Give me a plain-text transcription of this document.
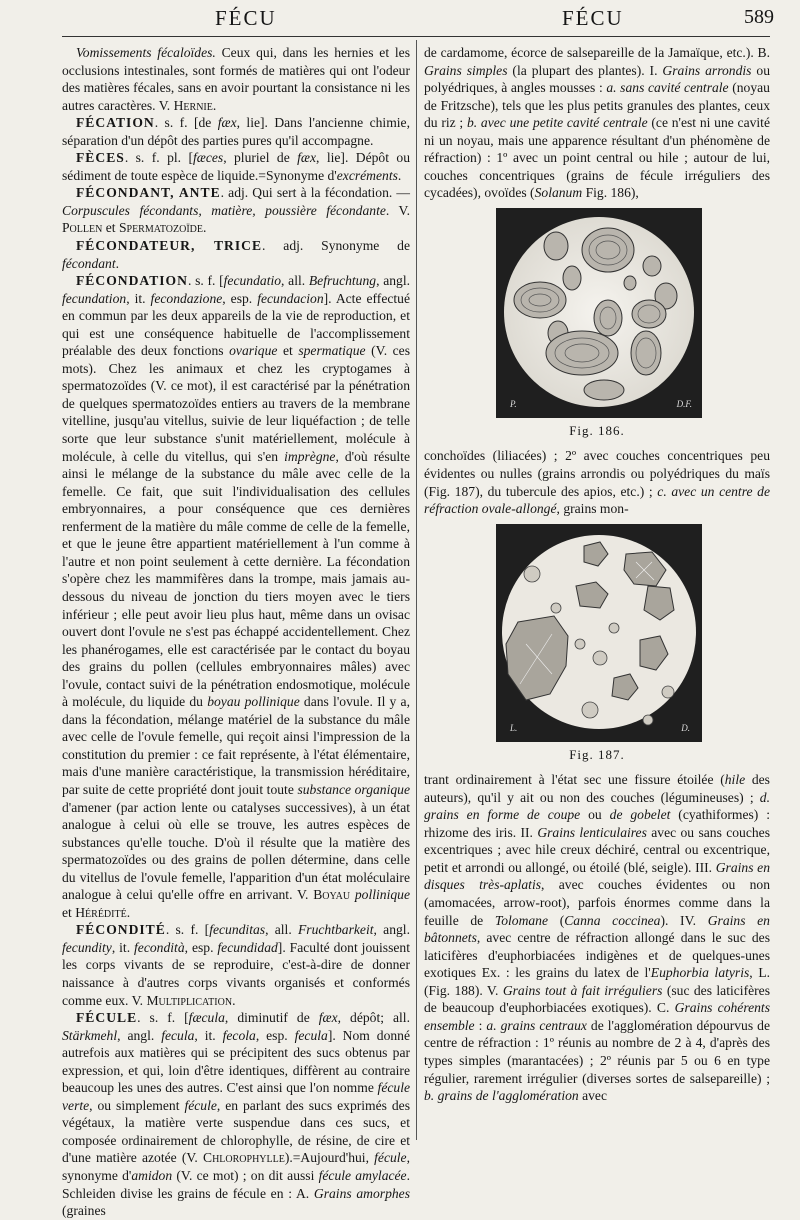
FÉCU	FÉCU	589

Vomissements fécaloïdes. Ceux qui, dans les hernies et les occlusions intestinales, sont formés de matières qui ont l'odeur des matières fécales, sans en avoir pourtant la consistance ni les autres caractères. V. Hernie.

FÉCATION. s. f. [de fæx, lie]. Dans l'ancienne chimie, séparation d'un dépôt des parties pures qu'il accompagne.

FÈCES. s. f. pl. [fæces, pluriel de fæx, lie]. Dépôt ou sédiment de toute espèce de liquide.=Synonyme d'excréments.

FÉCONDANT, ANTE. adj. Qui sert à la fécondation. — Corpuscules fécondants, matière, poussière fécondante. V. Pollen et Spermatozoïde.

FÉCONDATEUR, TRICE. adj. Synonyme de fécondant.

FÉCONDATION. s. f. [fecundatio, all. Befruchtung, angl. fecundation, it. fecondazione, esp. fecundacion]. Acte effectué en commun par les deux appareils de la vie de reproduction, et qui est une conséquence habituelle de l'accomplissement préalable des deux fonctions ovarique et spermatique (V. ces mots). Chez les animaux et chez les cryptogames à spermatozoïdes (V. ce mot), il est caractérisé par la pénétration de quelques spermatozoïdes entiers au travers de la membrane vitelline, jusqu'au vitellus, suivie de leur liquéfaction ; de telle sorte que leur substance s'unit matériellement, molécule à molécule, à celle du vitellus, qui s'en imprègne, d'où résulte ainsi le mélange de la substance du mâle avec celle de la femelle. Ce fait, que suit l'individualisation des cellules embryonnaires, a pour conséquence que ces dernières renferment de la matière du mâle comme de celle de la femelle, et que le jeune être appartient matériellement à l'un comme à l'autre et non point seulement à cette dernière. La fécondation s'opère chez les mammifères dans la trompe, mais jamais au-dessous du niveau de jonction du tiers moyen avec le tiers inférieur ; elle peut avoir lieu plus haut, même dans un ovisac ouvert dont l'ovule ne s'est pas échappé accidentellement. Chez les phanérogames, elle est caractérisée par le contact du boyau des grains du pollen (cellules embryonnaires mâles) avec l'ovule, contact suivi de la pénétration endosmotique, molécule à molécule, du liquide du boyau pollinique dans l'ovule. Il y a, dans la fécondation, mélange matériel de la substance du mâle avec celle de l'ovule femelle, qui reçoit ainsi l'impression de la constitution du premier : ce fait représente, à l'état élémentaire, mais d'une manière caractéristique, la transmission héréditaire, par suite de cette propriété dont jouit toute substance organique d'amener (par action lente ou catalyses successives), à un état analogue à celui où elle se trouve, les autres espèces de substances qu'elle touche. D'où il résulte que la matière des spermatozoïdes ou des grains de pollen détermine, dans celle du vitellus de l'ovule femelle, l'apparition d'un état moléculaire analogue à celui qu'elle offre en arrivant. V. Boyau pollinique et Hérédité.

FÉCONDITÉ. s. f. [fecunditas, all. Fruchtbarkeit, angl. fecundity, it. fecondità, esp. fecundidad]. Faculté dont jouissent les corps vivants de se reproduire, c'est-à-dire de donner naissance à d'autres corps vivants organisés et conformés comme eux. V. Multiplication.

FÉCULE. s. f. [fæcula, diminutif de fæx, dépôt; all. Stärkmehl, angl. fecula, it. fecola, esp. fecula]. Nom donné autrefois aux matières qui se précipitent des sucs obtenus par expression, et qui, loin d'être identiques, diffèrent au contraire beaucoup les unes des autres. C'est ainsi que l'on nomme fécule verte, ou simplement fécule, en parlant des sucs exprimés des végétaux, la matière verte suspendue dans ces sucs, et composée ordinairement de chlorophylle, de résine, de cire et d'une matière azotée (V. Chlorophylle).=Aujourd'hui, fécule, synonyme d'amidon (V. ce mot) ; on dit aussi fécule amylacée. Schleiden divise les grains de fécule en : A. Grains amorphes (graines

de cardamome, écorce de salsepareille de la Jamaïque, etc.). B. Grains simples (la plupart des plantes). I. Grains arrondis ou polyédriques, à angles mousses : a. sans cavité centrale (noyau de Fritzsche), tels que les plus petits granules des plantes, ceux du riz ; b. avec une petite cavité centrale (ce n'est ni une cavité ni un noyau, mais une apparence résultant d'un phénomène de réfraction) : 1º avec un point central ou hile ; autour de lui, couches concentriques (grains de fécule irréguliers des cycadées), ovoïdes (Solanum Fig. 186),

P.	D.F.
Fig. 186.

conchoïdes (liliacées) ; 2º avec couches concentriques peu évidentes ou nulles (grains arrondis ou polyédriques du maïs (Fig. 187), du tubercule des apios, etc.) ; c. avec un centre de réfraction ovale-allongé, grains mon-

L.	D.
Fig. 187.

trant ordinairement à l'état sec une fissure étoilée (hile des auteurs), qu'il y ait ou non des couches (légumineuses) ; d. grains en forme de coupe ou de gobelet (cyathiformes) : rhizome des iris. II. Grains lenticulaires avec ou sans couches excentriques ; avec hile creux déchiré, central ou excentrique, petit et arrondi ou allongé, ou étoilé (blé, seigle). III. Grains en disques très-aplatis, avec couches évidentes ou non (amomacées, arrow-root), parfois énormes comme dans la feuille de Tolomane (Canna coccinea). IV. Grains en bâtonnets, avec centre de réfraction allongé dans le suc des laticifères d'euphorbiacées indigènes et de quelques-unes exotiques Ex. : les grains du latex de l'Euphorbia latyris, L. (Fig. 188). V. Grains tout à fait irréguliers (suc des laticifères de beaucoup d'euphorbiacées exotiques). C. Grains cohérents ensemble : a. grains centraux de l'agglomération dépourvus de centre de réfraction : 1º réunis au nombre de 2 à 4, d'après des types simples (marantacées) ; 2º réunis par 5 ou 6 en type régulier, rarement irrégulier (diverses sortes de salsepareille) ; b. grains de l'agglomération avec
